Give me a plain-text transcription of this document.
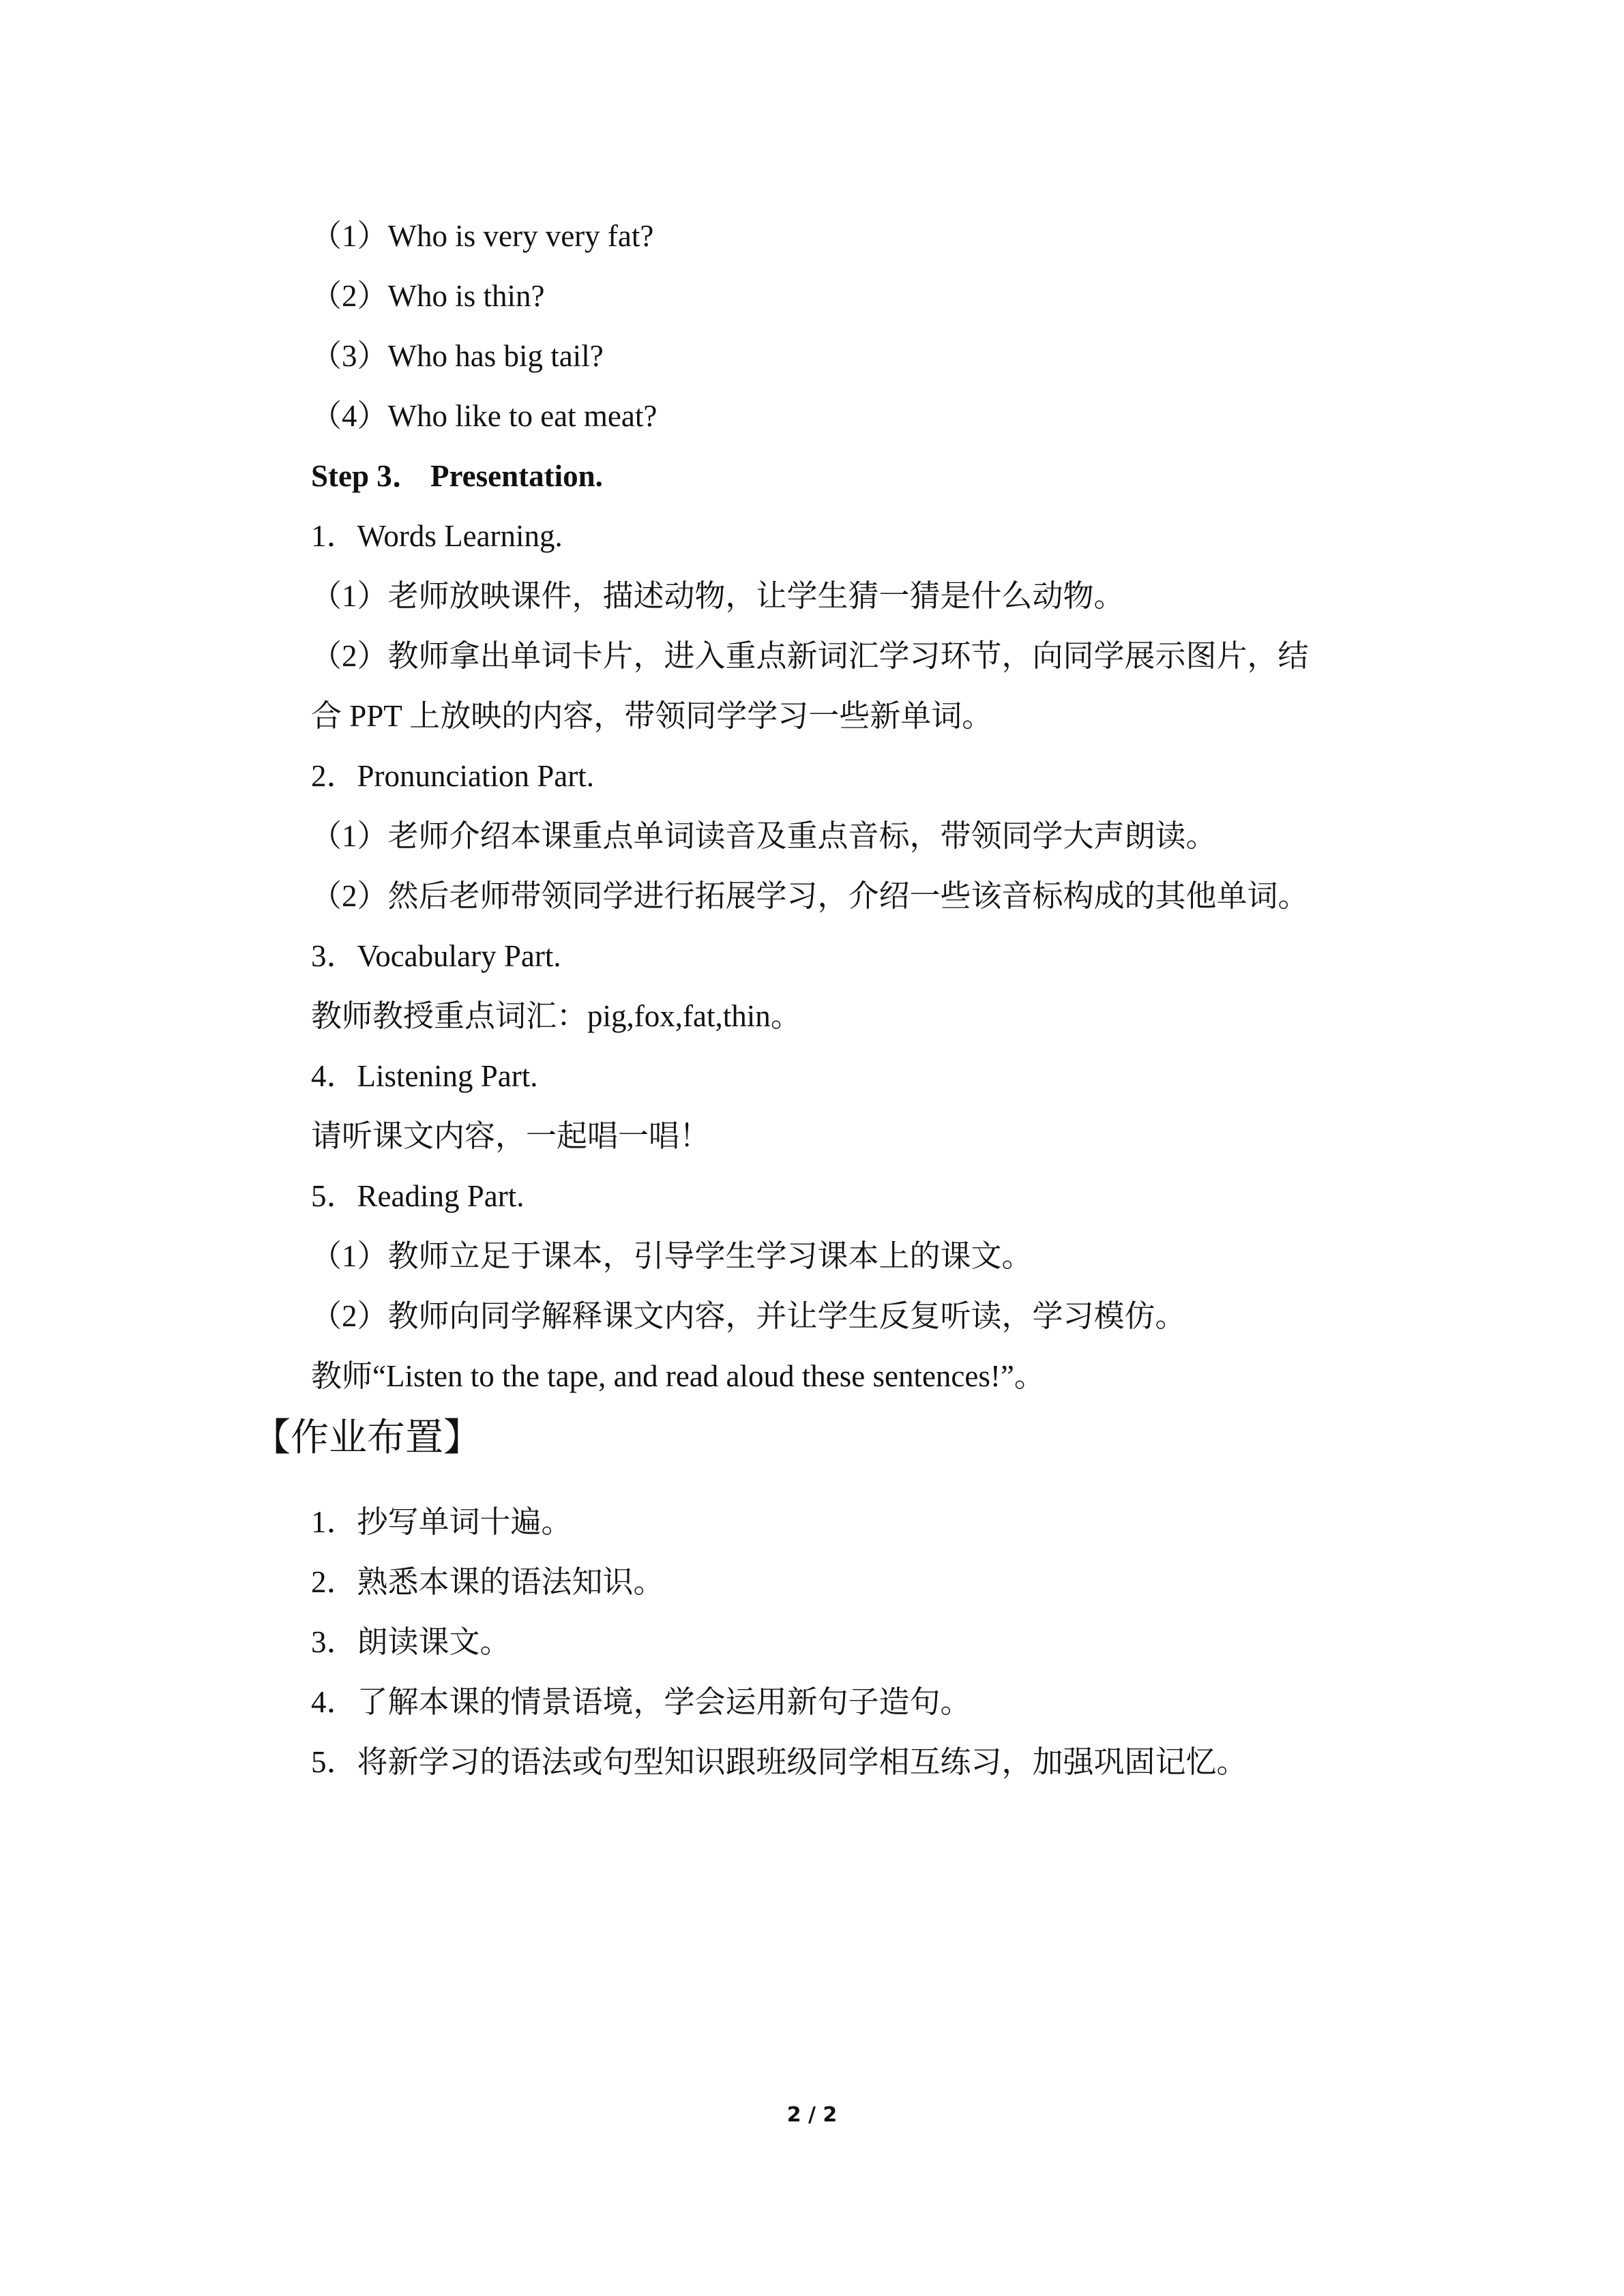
（1）Who is very very fat?
（2）Who is thin?
（3）Who has big tail?
（4）Who like to eat meat?
Step 3． Presentation.
1．Words Learning.
（1）老师放映课件，描述动物，让学生猜一猜是什么动物。
（2）教师拿出单词卡片，进入重点新词汇学习环节，向同学展示图片，结
合 PPT 上放映的内容，带领同学学习一些新单词。
2．Pronunciation Part.
（1）老师介绍本课重点单词读音及重点音标，带领同学大声朗读。
（2）然后老师带领同学进行拓展学习，介绍一些该音标构成的其他单词。
3．Vocabulary Part.
教师教授重点词汇：pig,fox,fat,thin。
4．Listening Part.
请听课文内容，一起唱一唱！
5．Reading Part.
（1）教师立足于课本，引导学生学习课本上的课文。
（2）教师向同学解释课文内容，并让学生反复听读，学习模仿。
教师“Listen to the tape, and read aloud these sentences!”。
【作业布置】
1．抄写单词十遍。
2．熟悉本课的语法知识。
3．朗读课文。
4．了解本课的情景语境，学会运用新句子造句。
5．将新学习的语法或句型知识跟班级同学相互练习，加强巩固记忆。
2 / 2
